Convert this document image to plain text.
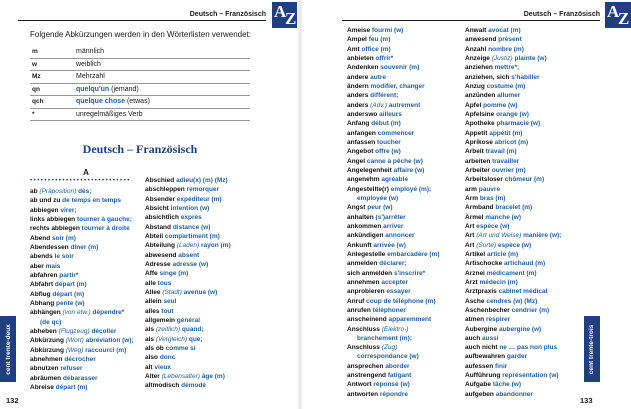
Deutsch – Französisch A
Z
Folgende Abkürzungen werden in den Wörterlisten verwendet:
m	männlich
w	weiblich
Mz	Mehrzahl
qn	quelqu'un (jemand)
qch	quelque chose (etwas)
*	unregelmäßiges Verb
Deutsch – Französisch
A
••••••••••••••••••••••••••••
ab (Präposition) dès;
ab und zu de temps en temps
abbiegen virer;
links abbiegen tourner à gauche;
rechts abbiegen tourner à droite
Abend soir (m)
Abendessen dîner (m)
abends le soir
aber mais
abfahren partir*
Abfahrt départ (m)
Abflug départ (m)
Abhang pente (w)
abhängen (von etw.) dépendre*
(de qc)
abheben (Flugzeug) décoller
Abkürzung (Wort) abréviation (w);
Abkürzung (Weg) raccourci (m)
abnehmen décrocher
abnutzen refuser
abräumen débarasser
Abreise départ (m)
Abschied adieu(x) (m) (Mz)
abschleppen remorquer
Absender expéditeur (m)
Absicht intention (w)
absichtlich exprès
Abstand distance (w)
Abteil compartiment (m)
Abteilung (Laden) rayon (m)
abwesend absent
Adresse adresse (w)
Affe singe (m)
alle tous
Allee (Stadt) avenue (w)
allein seul
alles tout
allgemein général
als (zeitlich) quand;
als (Vergleich) que;
als ob comme si
also donc
alt vieux
Alter (Lebensalter) âge (m)
altmodisch démodé
cent trente-deux
132
A
Z
Deutsch – Französisch
Ameise fourmi (w)
Ampel feu (m)
Amt office (m)
anbieten offrir*
Andenken souvenir (m)
andere autre
ändern modifier, changer
anders différent;
anders (Adv.) autrement
anderswo ailleurs
Anfang début (m)
anfangen commencer
anfassen toucher
Angebot offre (w)
Angel canne à pêche (w)
Angelegenheit affaire (w)
angenehm agréable
Angestellte(r) employé (m);
employée (w)
Angst peur (w)
anhalten (s')arrêter
ankommen arriver
ankündigen annoncer
Ankunft arrivée (w)
Anlegestelle embarcadère (m)
anmelden déclarer;
sich anmelden s'inscrire*
annehmen accepter
anprobieren essayer
Anruf coup de téléphone (m)
anrufen téléphoner
anscheinend apparemment
Anschluss (Elektro-)
branchement (m);
Anschluss (Zug)
correspondance (w)
ansprechen aborder
anstrengend fatigant
Antwort réponse (w)
antworten répondre
Anwalt avocat (m)
anwesend présent
Anzahl nombre (m)
Anzeige (Justiz) plainte (w)
anziehen mettre*;
anziehen, sich s'habiller
Anzug costume (m)
anzünden allumer
Apfel pomme (w)
Apfelsine orange (w)
Apotheke pharmacie (w)
Appetit appétit (m)
Aprikose abricot (m)
Arbeit travail (m)
arbeiten travailler
Arbeiter ouvrier (m)
Arbeitsloser chômeur (m)
arm pauvre
Arm bras (m)
Armband bracelet (m)
Ärmel manche (w)
Art espèce (w)
Art (Art und Weise) manière (w);
Art (Sorte) espèce (w)
Artikel article (m)
Artischocke artichaud (m)
Arznei médicament (m)
Arzt médecin (m)
Arztpraxis cabinet médical
Asche cendres (w) (Mz)
Aschenbecher cendrier (m)
atmen respirer
Aubergine aubergine (w)
auch aussi
auch nicht ne … pas non plus
aufbewahren garder
aufessen finir
Aufführung représentation (w)
Aufgabe tâche (w)
aufgeben abandonner
cent trente-trois
133
